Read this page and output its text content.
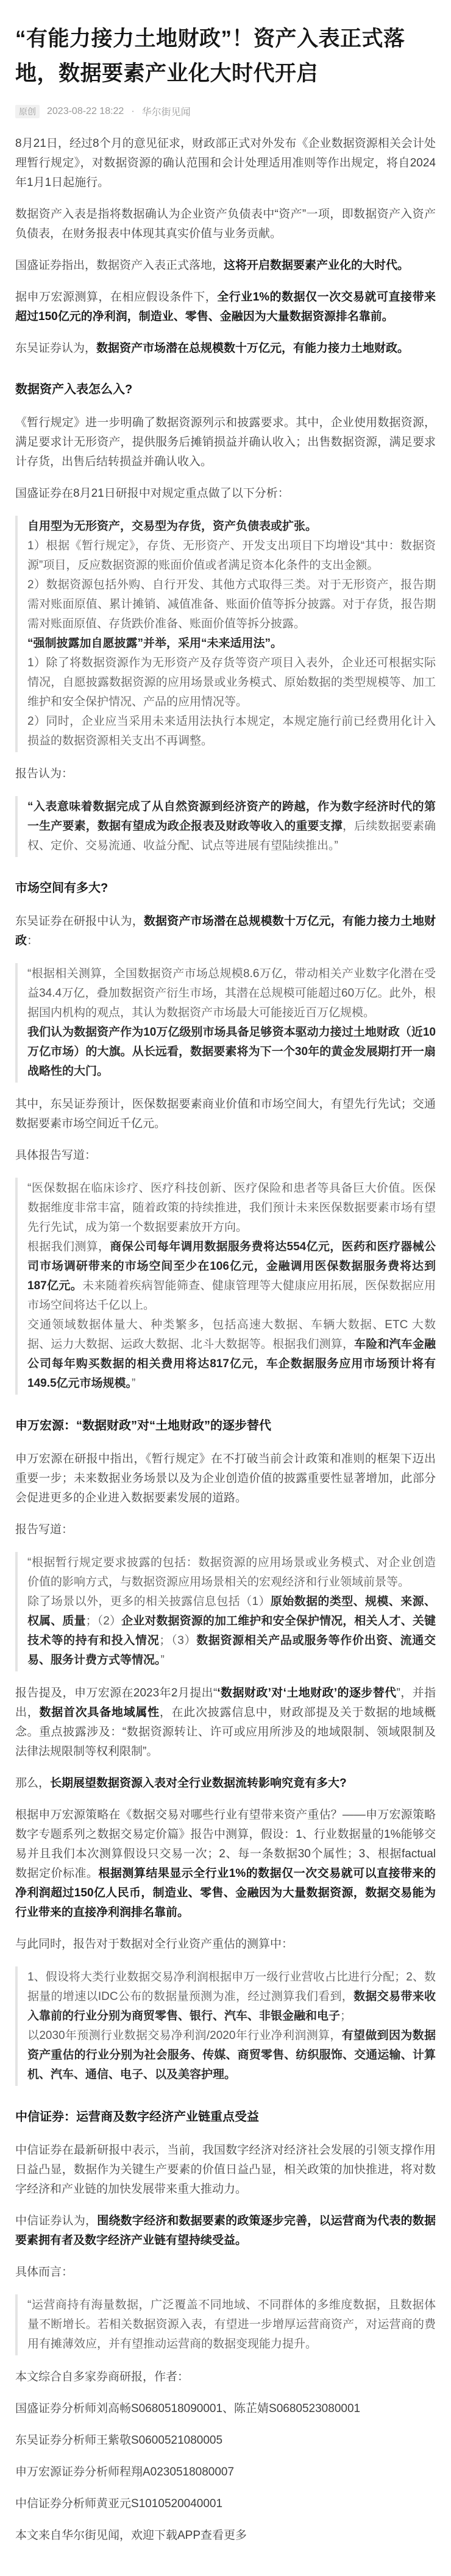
“有能力接力土地财政”！资产入表正式落地，数据要素产业化大时代开启
原创	2023-08-22 18:22 · 华尔街见闻

8月21日，经过8个月的意见征求，财政部正式对外发布《企业数据资源相关会计处理暂行规定》，对数据资源的确认范围和会计处理适用准则等作出规定，将自2024年1月1日起施行。

数据资产入表是指将数据确认为企业资产负债表中“资产”一项，即数据资产入资产负债表，在财务报表中体现其真实价值与业务贡献。

国盛证券指出，数据资产入表正式落地，这将开启数据要素产业化的大时代。

据申万宏源测算，在相应假设条件下，全行业1%的数据仅一次交易就可直接带来超过150亿元的净利润，制造业、零售、金融因为大量数据资源排名靠前。

东吴证券认为，数据资产市场潜在总规模数十万亿元，有能力接力土地财政。

数据资产入表怎么入?

《暂行规定》进一步明确了数据资源列示和披露要求。其中，企业使用数据资源，满足要求计无形资产，提供服务后摊销损益并确认收入；出售数据资源，满足要求计存货，出售后结转损益并确认收入。

国盛证券在8月21日研报中对规定重点做了以下分析：

自用型为无形资产，交易型为存货，资产负债表或扩张。

1）根据《暂行规定》，存货、无形资产、开发支出项目下均增设“其中：数据资源”项目，反应数据资源的账面价值或者满足资本化条件的支出金额。

2）数据资源包括外购、自行开发、其他方式取得三类。对于无形资产，报告期需对账面原值、累计摊销、减值准备、账面价值等拆分披露。对于存货，报告期需对账面原值、存货跌价准备、账面价值等拆分披露。

“强制披露加自愿披露”并举，采用“未来适用法”。

1）除了将数据资源作为无形资产及存货等资产项目入表外，企业还可根据实际情况，自愿披露数据资源的应用场景或业务模式、原始数据的类型规模等、加工维护和安全保护情况、产品的应用情况等。

2）同时，企业应当采用未来适用法执行本规定，本规定施行前已经费用化计入损益的数据资源相关支出不再调整。

报告认为：

“入表意味着数据完成了从自然资源到经济资产的跨越，作为数字经济时代的第一生产要素，数据有望成为政企报表及财政等收入的重要支撑，后续数据要素确权、定价、交易流通、收益分配、试点等进展有望陆续推出。”

市场空间有多大?

东吴证券在研报中认为，数据资产市场潜在总规模数十万亿元，有能力接力土地财政：

“根据相关测算，全国数据资产市场总规模8.6万亿，带动相关产业数字化潜在受益34.4万亿，叠加数据资产衍生市场，其潜在总规模可能超过60万亿。此外，根据国内机构的观点，其认为数据资产市场最大可能接近百万亿规模。

我们认为数据资产作为10万亿级别市场具备足够资本驱动力接过土地财政（近10万亿市场）的大旗。从长远看，数据要素将为下一个30年的黄金发展期打开一扇战略性的大门。

其中，东吴证券预计，医保数据要素商业价值和市场空间大，有望先行先试；交通数据要素市场空间近千亿元。

具体报告写道：

“医保数据在临床诊疗、医疗科技创新、医疗保险和患者等具备巨大价值。医保数据维度非常丰富，随着政策的持续推进，我们预计未来医保数据要素市场有望先行先试，成为第一个数据要素放开方向。

根据我们测算，商保公司每年调用数据服务费将达554亿元，医药和医疗器械公司市场调研带来的市场空间至少在106亿元，金融调用医保数据服务费将达到187亿元。未来随着疾病智能筛查、健康管理等大健康应用拓展，医保数据应用市场空间将达千亿以上。

交通领域数据体量大、种类繁多，包括高速大数据、车辆大数据、ETC 大数据、运力大数据、运政大数据、北斗大数据等。根据我们测算，车险和汽车金融公司每年购买数据的相关费用将达817亿元，车企数据服务应用市场预计将有149.5亿元市场规模。”

申万宏源：“数据财政”对“土地财政”的逐步替代

申万宏源在研报中指出，《暂行规定》在不打破当前会计政策和准则的框架下迈出重要一步；未来数据业务场景以及为企业创造价值的披露重要性显著增加，此部分会促进更多的企业进入数据要素发展的道路。

报告写道：

“根据暂行规定要求披露的包括：数据资源的应用场景或业务模式、对企业创造价值的影响方式，与数据资源应用场景相关的宏观经济和行业领域前景等。

除了场景以外，更多的相关披露信息包括（1）原始数据的类型、规模、来源、权属、质量；（2）企业对数据资源的加工维护和安全保护情况，相关人才、关键技术等的持有和投入情况；（3）数据资源相关产品或服务等作价出资、流通交易、服务计费方式等情况。”

报告提及，申万宏源在2023年2月提出“‘数据财政’对‘土地财政’的逐步替代”，并指出，数据首次具备地域属性，在此次披露信息中，财政部提及关于数据的地域概念。重点披露涉及：“数据资源转让、许可或应用所涉及的地域限制、领域限制及法律法规限制等权利限制”。

那么，长期展望数据资源入表对全行业数据流转影响究竟有多大?

根据申万宏源策略在《数据交易对哪些行业有望带来资产重估？——申万宏源策略数字专题系列之数据交易定价篇》报告中测算，假设：1、行业数据量的1%能够交易并且我们本次测算假设只交易一次；2、每一条数据30个属性；3、根据factual 数据定价标准。根据测算结果显示全行业1%的数据仅一次交易就可以直接带来的净利润超过150亿人民币，制造业、零售、金融因为大量数据资源，数据交易能为行业带来的直接净利润排名靠前。

与此同时，报告对于数据对全行业资产重估的测算中：

1、假设将大类行业数据交易净利润根据申万一级行业营收占比进行分配；2、数据量的增速以IDC公布的数据量预测为准，经过测算我们看到，数据交易带来收入靠前的行业分别为商贸零售、银行、汽车、非银金融和电子；

以2030年预测行业数据交易净利润/2020年行业净利润测算，有望做到因为数据资产重估的行业分别为社会服务、传媒、商贸零售、纺织服饰、交通运输、计算机、汽车、通信、电子、以及美容护理。

中信证券：运营商及数字经济产业链重点受益

中信证券在最新研报中表示，当前，我国数字经济对经济社会发展的引领支撑作用日益凸显，数据作为关键生产要素的价值日益凸显，相关政策的加快推进，将对数字经济和产业链的加快发展带来重大推动力。

中信证券认为，围绕数字经济和数据要素的政策逐步完善，以运营商为代表的数据要素拥有者及数字经济产业链有望持续受益。

具体而言：

“运营商持有海量数据，广泛覆盖不同地域、不同群体的多维度数据，且数据体量不断增长。若相关数据资源入表，有望进一步增厚运营商资产，对运营商的费用有摊薄效应，并有望推动运营商的数据变现能力提升。

本文综合自多家券商研报，作者：

国盛证券分析师刘高畅S0680518090001、陈芷婧S0680523080001

东吴证券分析师王紫敬S0600521080005

申万宏源证券分析师程翔A0230518080007

中信证券分析师黄亚元S1010520040001

本文来自华尔街见闻，欢迎下载APP查看更多
